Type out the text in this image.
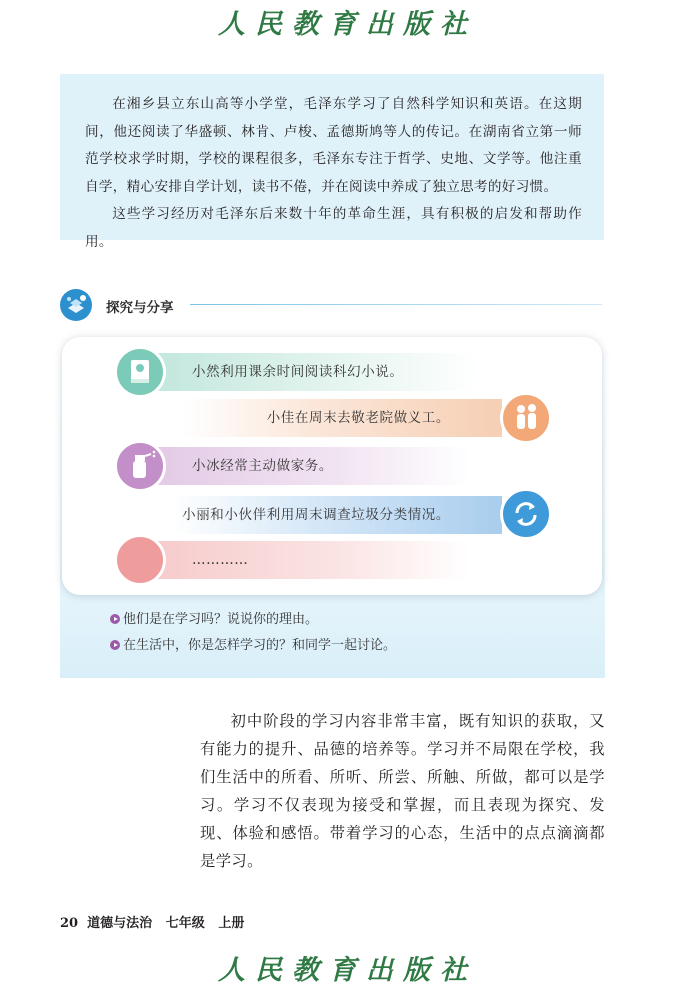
人民教育出版社

在湘乡县立东山高等小学堂，毛泽东学习了自然科学知识和英语。在这期间，他还阅读了华盛顿、林肯、卢梭、孟德斯鸠等人的传记。在湖南省立第一师范学校求学时期，学校的课程很多，毛泽东专注于哲学、史地、文学等。他注重自学，精心安排自学计划，读书不倦，并在阅读中养成了独立思考的好习惯。

这些学习经历对毛泽东后来数十年的革命生涯，具有积极的启发和帮助作用。

探究与分享
小然利用课余时间阅读科幻小说。
小佳在周末去敬老院做义工。
小冰经常主动做家务。
小丽和小伙伴利用周末调查垃圾分类情况。
…………
他们是在学习吗？说说你的理由。
在生活中，你是怎样学习的？和同学一起讨论。

初中阶段的学习内容非常丰富，既有知识的获取，又有能力的提升、品德的培养等。学习并不局限在学校，我们生活中的所看、所听、所尝、所触、所做，都可以是学习。学习不仅表现为接受和掌握，而且表现为探究、发现、体验和感悟。带着学习的心态，生活中的点点滴滴都是学习。

20 道德与法治 七年级 上册
人民教育出版社
